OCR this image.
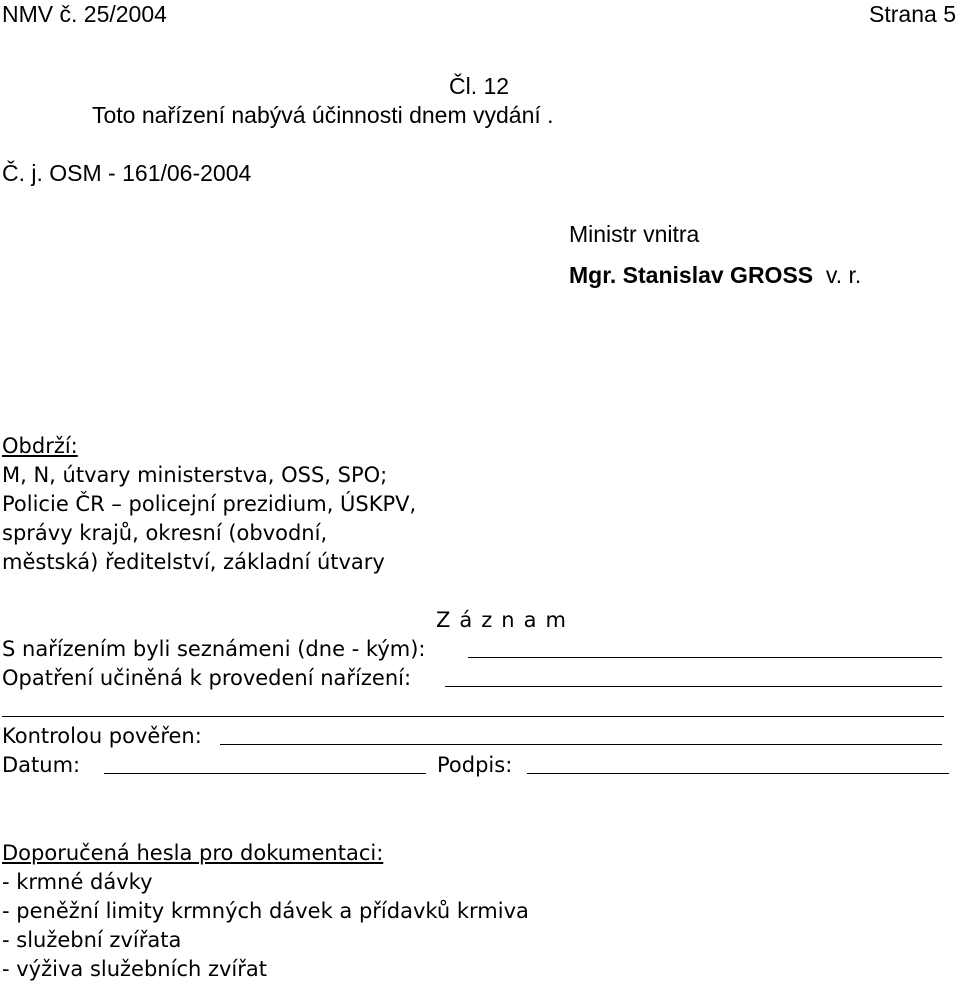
NMV č. 25/2004	Strana 5
Čl. 12
Toto nařízení nabývá účinnosti dnem vydání .
Č. j. OSM - 161/06-2004
Ministr vnitra
Mgr. Stanislav GROSS v. r.
Obdrží:
M, N, útvary ministerstva, OSS, SPO;
Policie ČR – policejní prezidium, ÚSKPV,
správy krajů, okresní (obvodní,
městská) ředitelství, základní útvary
Záznam
S nařízením byli seznámeni (dne - kým):
Opatření učiněná k provedení nařízení:
Kontrolou pověřen:
Datum:	Podpis:
Doporučená hesla pro dokumentaci:
- krmné dávky
- peněžní limity krmných dávek a přídavků krmiva
- služební zvířata
- výživa služebních zvířat
